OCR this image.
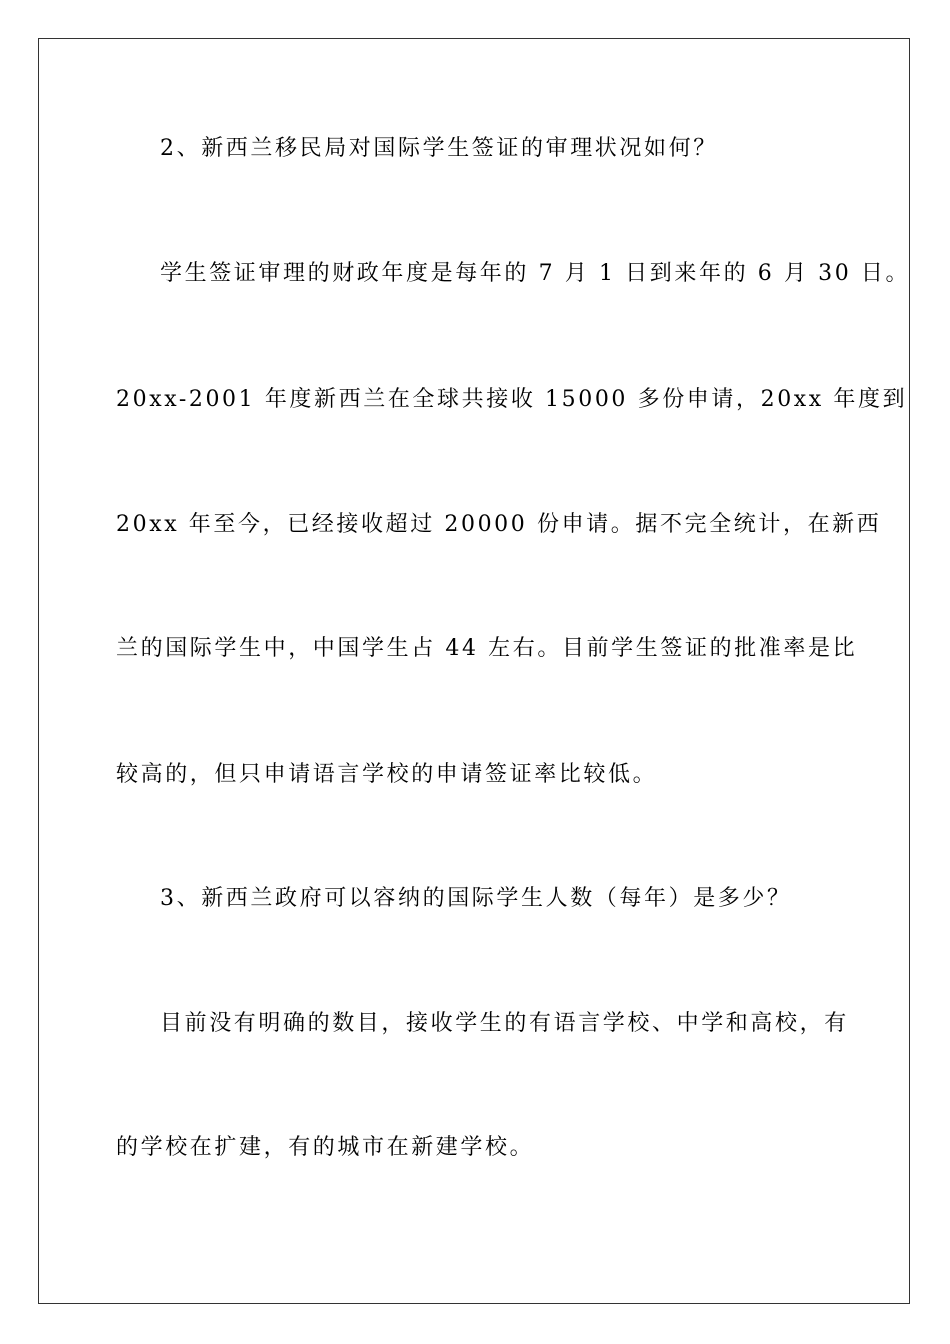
2、新西兰移民局对国际学生签证的审理状况如何？
学生签证审理的财政年度是每年的 7 月 1 日到来年的 6 月 30 日。
20xx-2001 年度新西兰在全球共接收 15000 多份申请，20xx 年度到
20xx 年至今，已经接收超过 20000 份申请。据不完全统计，在新西
兰的国际学生中，中国学生占 44 左右。目前学生签证的批准率是比
较高的，但只申请语言学校的申请签证率比较低。
3、新西兰政府可以容纳的国际学生人数（每年）是多少？
目前没有明确的数目，接收学生的有语言学校、中学和高校，有
的学校在扩建，有的城市在新建学校。
